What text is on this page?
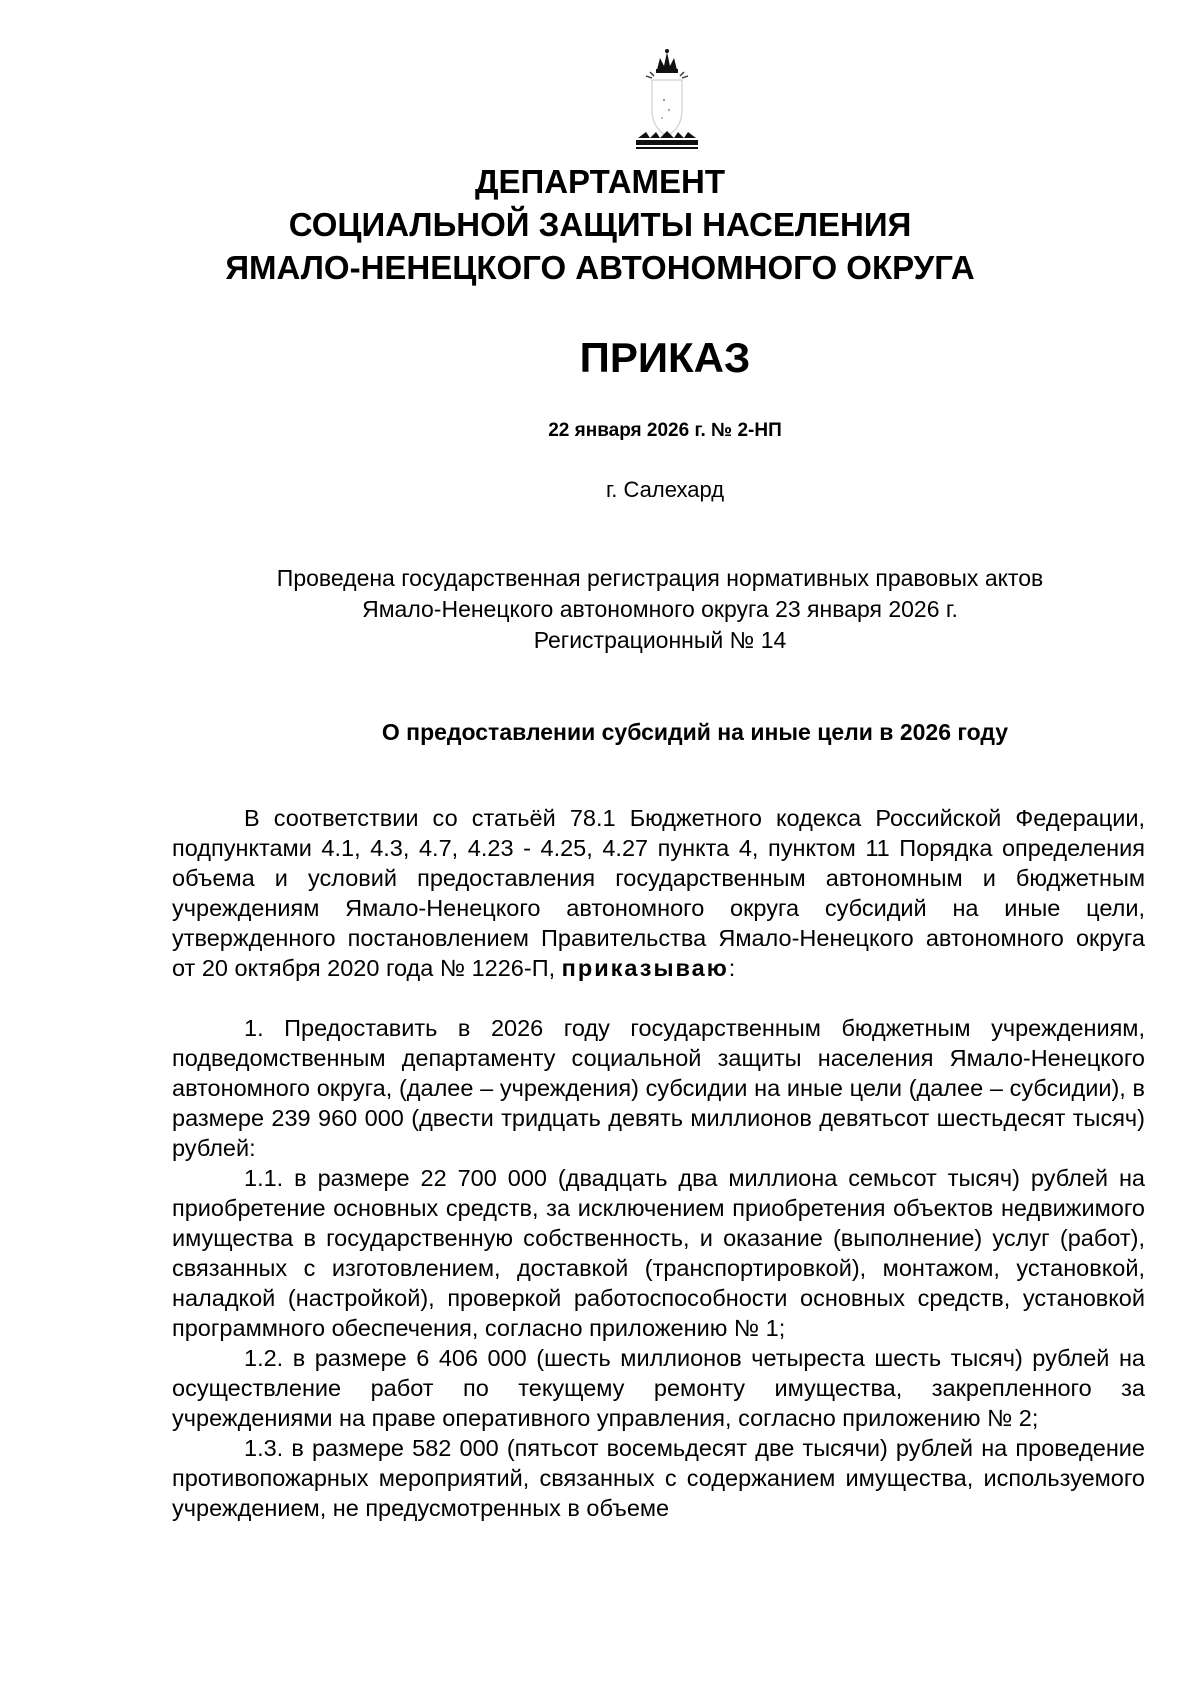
ДЕПАРТАМЕНТ
СОЦИАЛЬНОЙ ЗАЩИТЫ НАСЕЛЕНИЯ
ЯМАЛО-НЕНЕЦКОГО АВТОНОМНОГО ОКРУГА
ПРИКАЗ
22 января 2026 г. № 2-НП
г. Салехард
Проведена государственная регистрация нормативных правовых актов
Ямало-Ненецкого автономного округа 23 января 2026 г.
Регистрационный № 14
О предоставлении субсидий на иные цели в 2026 году

В соответствии со статьёй 78.1 Бюджетного кодекса Российской Федерации, подпунктами 4.1, 4.3, 4.7, 4.23 - 4.25, 4.27 пункта 4, пунктом 11 Порядка определения объема и условий предоставления государственным автономным и бюджетным учреждениям Ямало-Ненецкого автономного округа субсидий на иные цели, утвержденного постановлением Правительства Ямало-Ненецкого автономного округа от 20 октября 2020 года № 1226-П, приказываю:

1. Предоставить в 2026 году государственным бюджетным учреждениям, подведомственным департаменту социальной защиты населения Ямало-Ненецкого автономного округа, (далее – учреждения) субсидии на иные цели (далее – субсидии), в размере 239 960 000 (двести тридцать девять миллионов девятьсот шестьдесят тысяч) рублей:

1.1. в размере 22 700 000 (двадцать два миллиона семьсот тысяч) рублей на приобретение основных средств, за исключением приобретения объектов недвижимого имущества в государственную собственность, и оказание (выполнение) услуг (работ), связанных с изготовлением, доставкой (транспортировкой), монтажом, установкой, наладкой (настройкой), проверкой работоспособности основных средств, установкой программного обеспечения, согласно приложению № 1;

1.2. в размере 6 406 000 (шесть миллионов четыреста шесть тысяч) рублей на осуществление работ по текущему ремонту имущества, закрепленного за учреждениями на праве оперативного управления, согласно приложению № 2;

1.3. в размере 582 000 (пятьсот восемьдесят две тысячи) рублей на проведение противопожарных мероприятий, связанных с содержанием имущества, используемого учреждением, не предусмотренных в объеме
